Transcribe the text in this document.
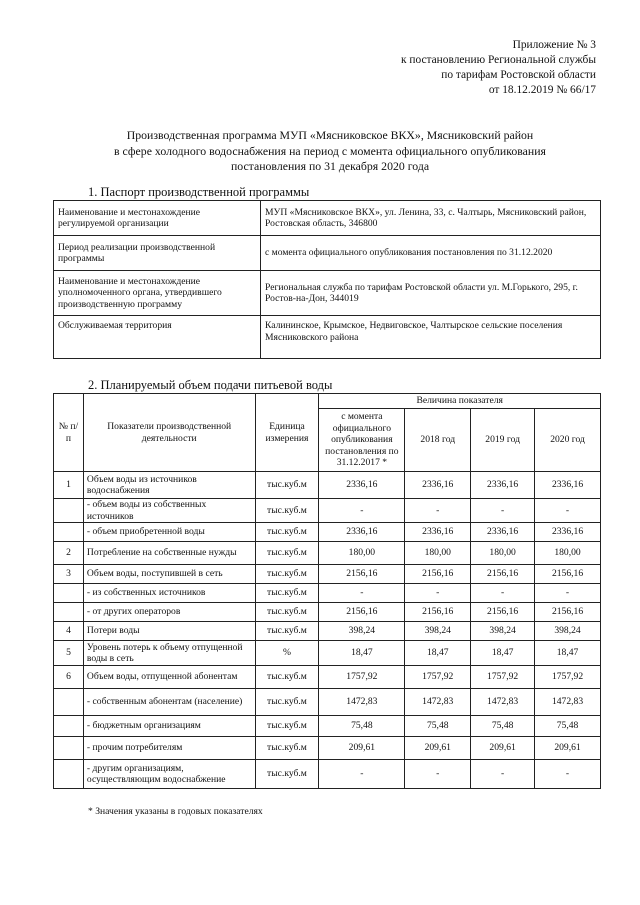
Приложение № 3
к постановлению Региональной службы
по тарифам Ростовской области
от 18.12.2019 № 66/17
Производственная программа МУП «Мясниковское ВКХ», Мясниковский район
в сфере холодного водоснабжения на период с момента официального опубликования
постановления по 31 декабря 2020 года
1. Паспорт производственной программы
Наименование и местонахождение регулируемой организации	МУП «Мясниковское ВКХ», ул. Ленина, 33, с. Чалтырь, Мясниковский район, Ростовская область, 346800
Период реализации производственной программы	с момента официального опубликования постановления по 31.12.2020
Наименование и местонахождение уполномоченного органа, утвердившего производственную программу	Региональная служба по тарифам Ростовской области ул. М.Горького, 295, г. Ростов-на-Дон, 344019
Обслуживаемая территория	Калининское, Крымское, Недвиговское, Чалтырское сельские поселения Мясниковского района
2. Планируемый объем подачи питьевой воды
№ п/п	Показатели производственной деятельности	Единица измерения	Величина показателя			
			с момента официального опубликования постановления по 31.12.2017 *	2018 год	2019 год	2020 год
1	Объем воды из источников водоснабжения	тыс.куб.м	2336,16	2336,16	2336,16	2336,16
	- объем воды из собственных источников	тыс.куб.м	-	-	-	-
	- объем приобретенной воды	тыс.куб.м	2336,16	2336,16	2336,16	2336,16
2	Потребление на собственные нужды	тыс.куб.м	180,00	180,00	180,00	180,00
3	Объем воды, поступившей в сеть	тыс.куб.м	2156,16	2156,16	2156,16	2156,16
	- из собственных источников	тыс.куб.м	-	-	-	-
	- от других операторов	тыс.куб.м	2156,16	2156,16	2156,16	2156,16
4	Потери воды	тыс.куб.м	398,24	398,24	398,24	398,24
5	Уровень потерь к объему отпущенной воды в сеть	%	18,47	18,47	18,47	18,47
6	Объем воды, отпущенной абонентам	тыс.куб.м	1757,92	1757,92	1757,92	1757,92
	- собственным абонентам (население)	тыс.куб.м	1472,83	1472,83	1472,83	1472,83
	- бюджетным организациям	тыс.куб.м	75,48	75,48	75,48	75,48
	- прочим потребителям	тыс.куб.м	209,61	209,61	209,61	209,61
	- другим организациям, осуществляющим водоснабжение	тыс.куб.м	-	-	-	-
* Значения указаны в годовых показателях
